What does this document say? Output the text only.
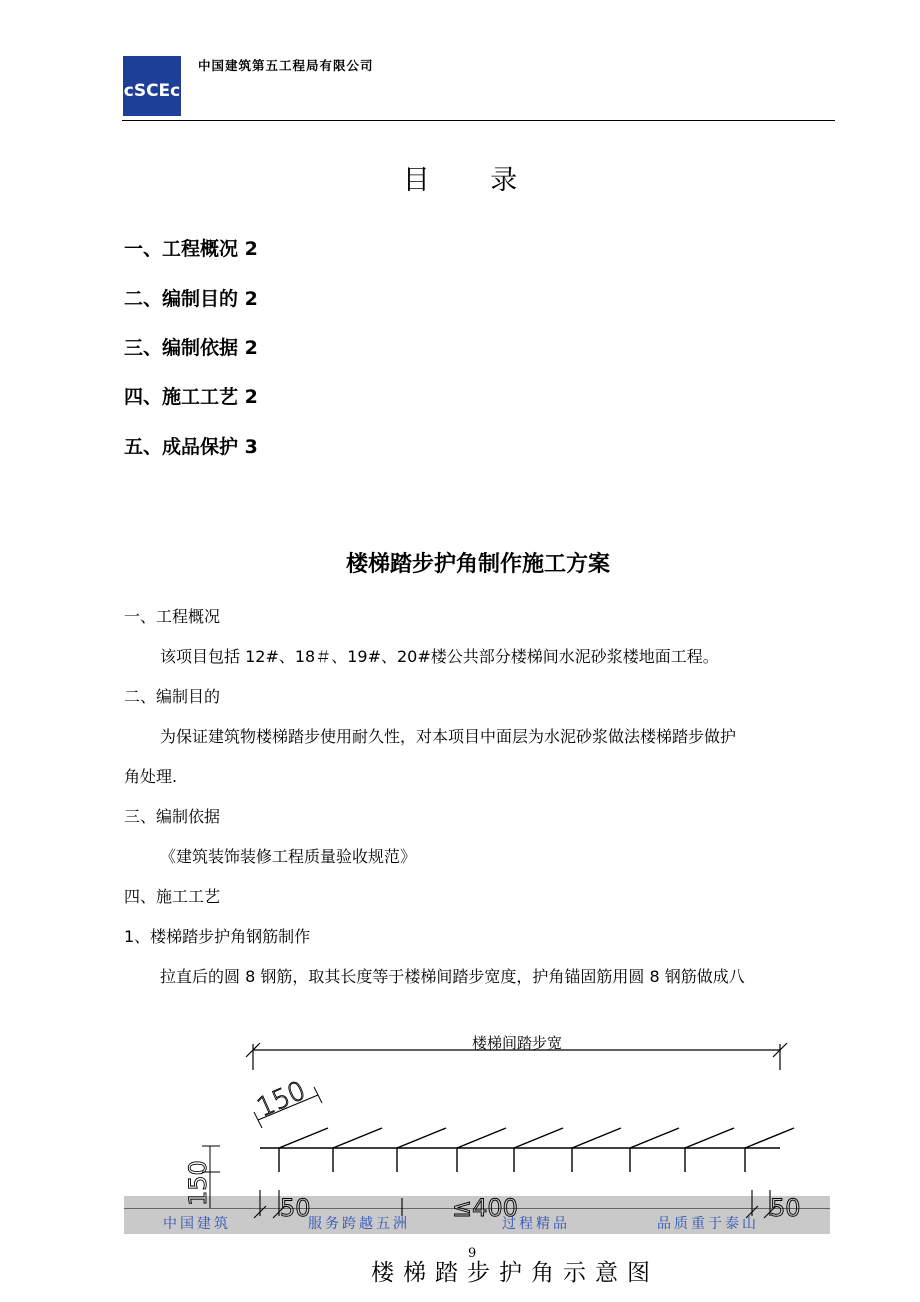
cSCEc
中国建筑第五工程局有限公司
目 录
一、工程概况 2
二、编制目的 2
三、编制依据 2
四、施工工艺 2
五、成品保护 3
楼梯踏步护角制作施工方案
一、工程概况
该项目包括 12#、18＃、19#、20#楼公共部分楼梯间水泥砂浆楼地面工程。
二、编制目的
为保证建筑物楼梯踏步使用耐久性，对本项目中面层为水泥砂浆做法楼梯踏步做护
角处理.
三、编制依据
《建筑装饰装修工程质量验收规范》
四、施工工艺
1、楼梯踏步护角钢筋制作
拉直后的圆 8 钢筋，取其长度等于楼梯间踏步宽度，护角锚固筋用圆 8 钢筋做成八
中国建筑	服务跨越五洲	过程精品	品质重于泰山
楼梯间踏步宽
150
150
50	≤400	50
9
楼梯踏步护角示意图
